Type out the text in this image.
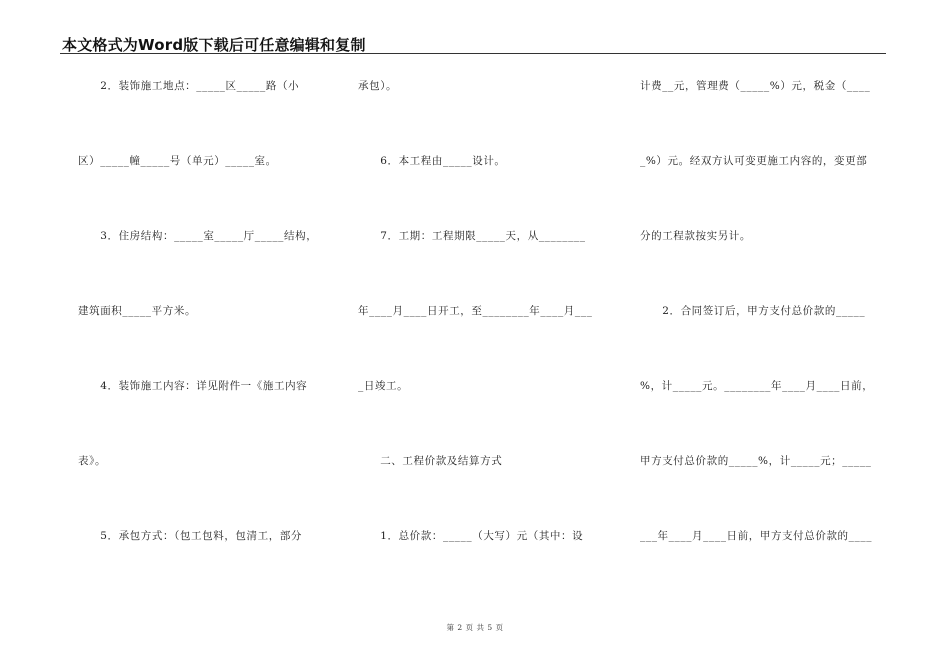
本文格式为Word版下载后可任意编辑和复制
　　2．装饰施工地点：_____区_____路（小
区）_____幢_____号（单元）_____室。
　　3．住房结构：_____室_____厅_____结构，
建筑面积_____平方米。
　　4．装饰施工内容：详见附件一《施工内容
表》。
　　5．承包方式：（包工包料，包清工，部分
承包）。
　　6．本工程由_____设计。
　　7．工期：工程期限_____天，从________
年____月____日开工，至________年____月___
_日竣工。
　　二、工程价款及结算方式
　　1．总价款：_____（大写）元（其中：设
计费__元，管理费（_____%）元，税金（____
_%）元。经双方认可变更施工内容的，变更部
分的工程款按实另计。
　　2．合同签订后，甲方支付总价款的_____
%，计_____元。________年____月____日前，
甲方支付总价款的_____%，计_____元；_____
___年____月____日前，甲方支付总价款的____
第 2 页 共 5 页
